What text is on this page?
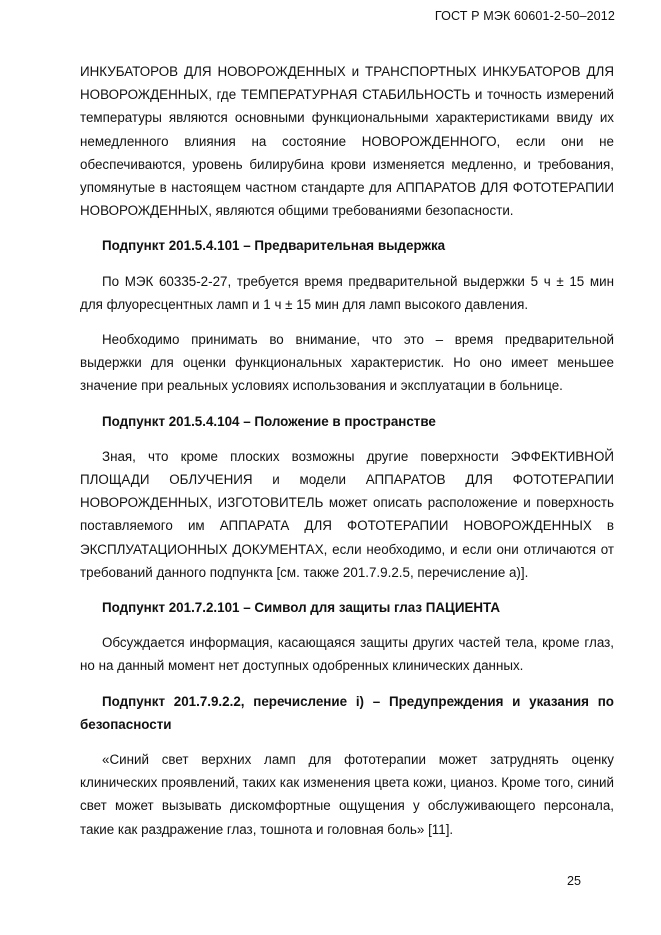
ГОСТ Р МЭК 60601-2-50–2012

ИНКУБАТОРОВ ДЛЯ НОВОРОЖДЕННЫХ и ТРАНСПОРТНЫХ ИНКУБАТОРОВ ДЛЯ НОВОРОЖДЕННЫХ, где ТЕМПЕРАТУРНАЯ СТАБИЛЬНОСТЬ и точность измерений температуры являются основными функциональными характеристиками ввиду их немедленного влияния на состояние НОВОРОЖДЕННОГО, если они не обеспечиваются, уровень билирубина крови изменяется медленно, и требования, упомянутые в настоящем частном стандарте для АППАРАТОВ ДЛЯ ФОТОТЕРАПИИ НОВОРОЖДЕННЫХ, являются общими требованиями безопасности.

Подпункт 201.5.4.101 – Предварительная выдержка

По МЭК 60335-2-27, требуется время предварительной выдержки 5 ч ± 15 мин для флуоресцентных ламп и 1 ч ± 15 мин для ламп высокого давления.

Необходимо принимать во внимание, что это – время предварительной выдержки для оценки функциональных характеристик. Но оно имеет меньшее значение при реальных условиях использования и эксплуатации в больнице.

Подпункт 201.5.4.104 – Положение в пространстве

Зная, что кроме плоских возможны другие поверхности ЭФФЕКТИВНОЙ ПЛОЩАДИ ОБЛУЧЕНИЯ и модели АППАРАТОВ ДЛЯ ФОТОТЕРАПИИ НОВОРОЖДЕННЫХ, ИЗГОТОВИТЕЛЬ может описать расположение и поверхность поставляемого им АППАРАТА ДЛЯ ФОТОТЕРАПИИ НОВОРОЖДЕННЫХ в ЭКСПЛУАТАЦИОННЫХ ДОКУМЕНТАХ, если необходимо, и если они отличаются от требований данного подпункта [см. также 201.7.9.2.5, перечисление а)].

Подпункт 201.7.2.101 – Символ для защиты глаз ПАЦИЕНТА

Обсуждается информация, касающаяся защиты других частей тела, кроме глаз, но на данный момент нет доступных одобренных клинических данных.

Подпункт 201.7.9.2.2, перечисление i) – Предупреждения и указания по безопасности

«Синий свет верхних ламп для фототерапии может затруднять оценку клинических проявлений, таких как изменения цвета кожи, цианоз. Кроме того, синий свет может вызывать дискомфортные ощущения у обслуживающего персонала, такие как раздражение глаз, тошнота и головная боль» [11].

25
